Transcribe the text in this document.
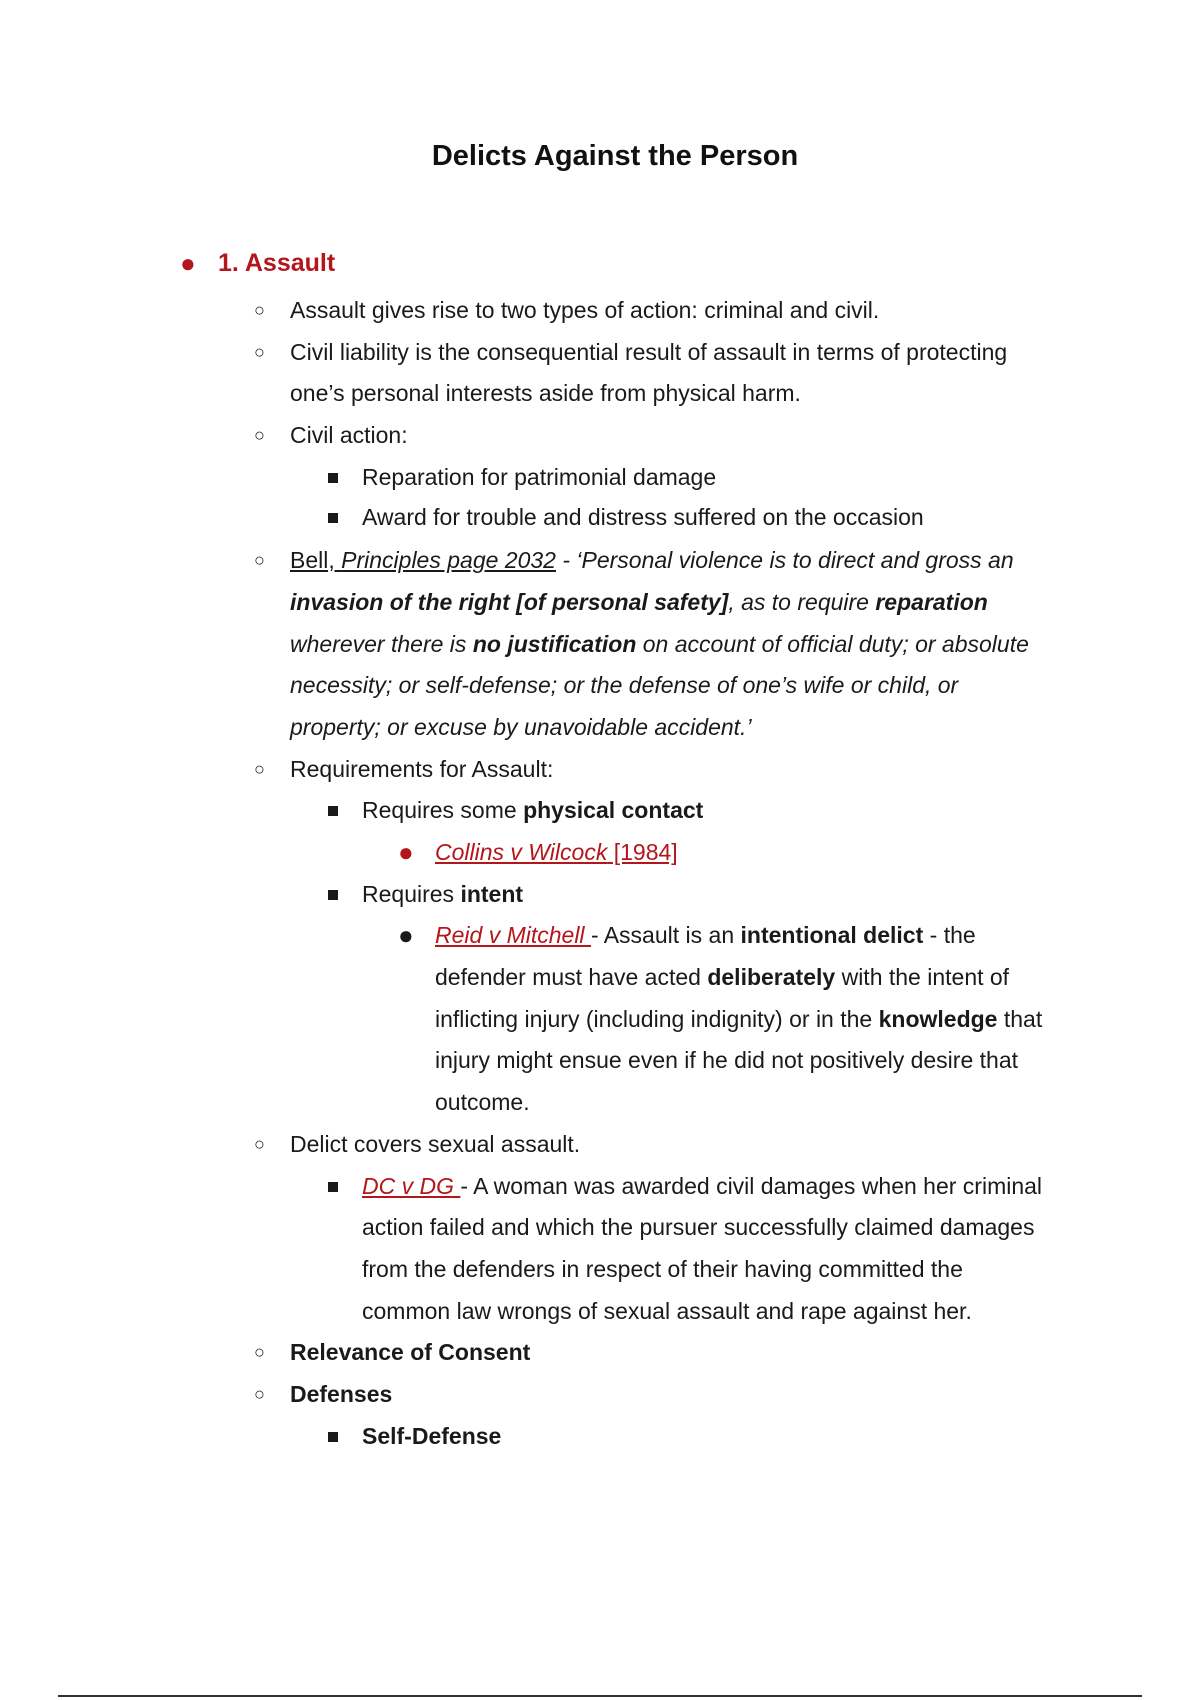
Delicts Against the Person
● 1. Assault
○ Assault gives rise to two types of action: criminal and civil.
○ Civil liability is the consequential result of assault in terms of protecting
one’s personal interests aside from physical harm.
○ Civil action:
Reparation for patrimonial damage
Award for trouble and distress suffered on the occasion
○ Bell, Principles page 2032 - ‘Personal violence is to direct and gross an
invasion of the right [of personal safety], as to require reparation
wherever there is no justification on account of official duty; or absolute
necessity; or self-defense; or the defense of one’s wife or child, or
property; or excuse by unavoidable accident.’
○ Requirements for Assault:
Requires some physical contact
● Collins v Wilcock [1984]
Requires intent
● Reid v Mitchell - Assault is an intentional delict - the
defender must have acted deliberately with the intent of
inflicting injury (including indignity) or in the knowledge that
injury might ensue even if he did not positively desire that
outcome.
○ Delict covers sexual assault.
DC v DG - A woman was awarded civil damages when her criminal
action failed and which the pursuer successfully claimed damages
from the defenders in respect of their having committed the
common law wrongs of sexual assault and rape against her.
○ Relevance of Consent
○ Defenses
Self-Defense
